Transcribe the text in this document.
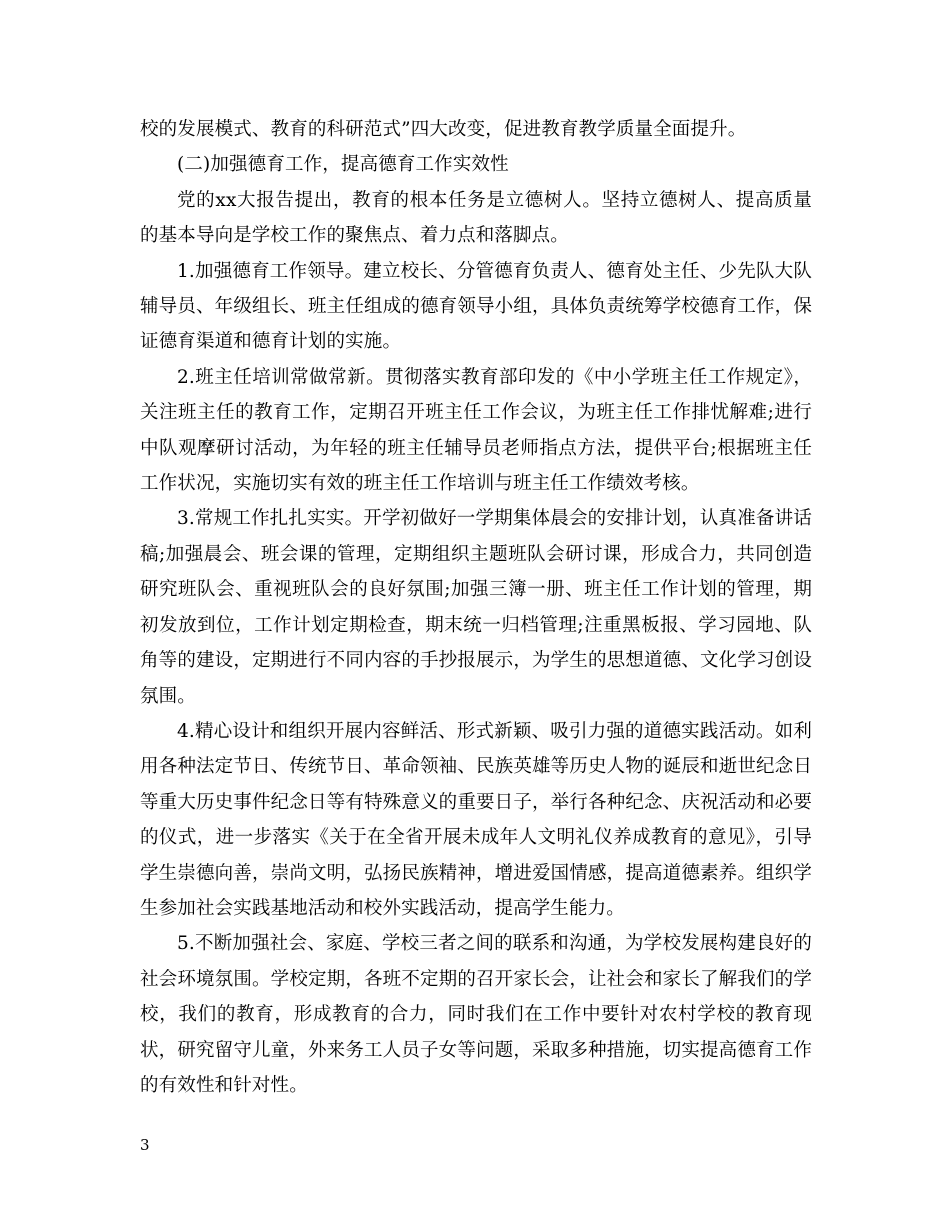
校的发展模式、教育的科研范式”四大改变，促进教育教学质量全面提升。

(二)加强德育工作，提高德育工作实效性

党的xx大报告提出，教育的根本任务是立德树人。坚持立德树人、提高质量的基本导向是学校工作的聚焦点、着力点和落脚点。

1.加强德育工作领导。建立校长、分管德育负责人、德育处主任、少先队大队辅导员、年级组长、班主任组成的德育领导小组，具体负责统筹学校德育工作，保证德育渠道和德育计划的实施。

2.班主任培训常做常新。贯彻落实教育部印发的《中小学班主任工作规定》，关注班主任的教育工作，定期召开班主任工作会议，为班主任工作排忧解难;进行中队观摩研讨活动，为年轻的班主任辅导员老师指点方法，提供平台;根据班主任工作状况，实施切实有效的班主任工作培训与班主任工作绩效考核。

3.常规工作扎扎实实。开学初做好一学期集体晨会的安排计划，认真准备讲话稿;加强晨会、班会课的管理，定期组织主题班队会研讨课，形成合力，共同创造研究班队会、重视班队会的良好氛围;加强三簿一册、班主任工作计划的管理，期初发放到位，工作计划定期检查，期末统一归档管理;注重黑板报、学习园地、队角等的建设，定期进行不同内容的手抄报展示，为学生的思想道德、文化学习创设氛围。

4.精心设计和组织开展内容鲜活、形式新颖、吸引力强的道德实践活动。如利用各种法定节日、传统节日、革命领袖、民族英雄等历史人物的诞辰和逝世纪念日等重大历史事件纪念日等有特殊意义的重要日子，举行各种纪念、庆祝活动和必要的仪式，进一步落实《关于在全省开展未成年人文明礼仪养成教育的意见》，引导学生崇德向善，崇尚文明，弘扬民族精神，增进爱国情感，提高道德素养。组织学生参加社会实践基地活动和校外实践活动，提高学生能力。

5.不断加强社会、家庭、学校三者之间的联系和沟通，为学校发展构建良好的社会环境氛围。学校定期，各班不定期的召开家长会，让社会和家长了解我们的学校，我们的教育，形成教育的合力，同时我们在工作中要针对农村学校的教育现状，研究留守儿童，外来务工人员子女等问题，采取多种措施，切实提高德育工作的有效性和针对性。

3
